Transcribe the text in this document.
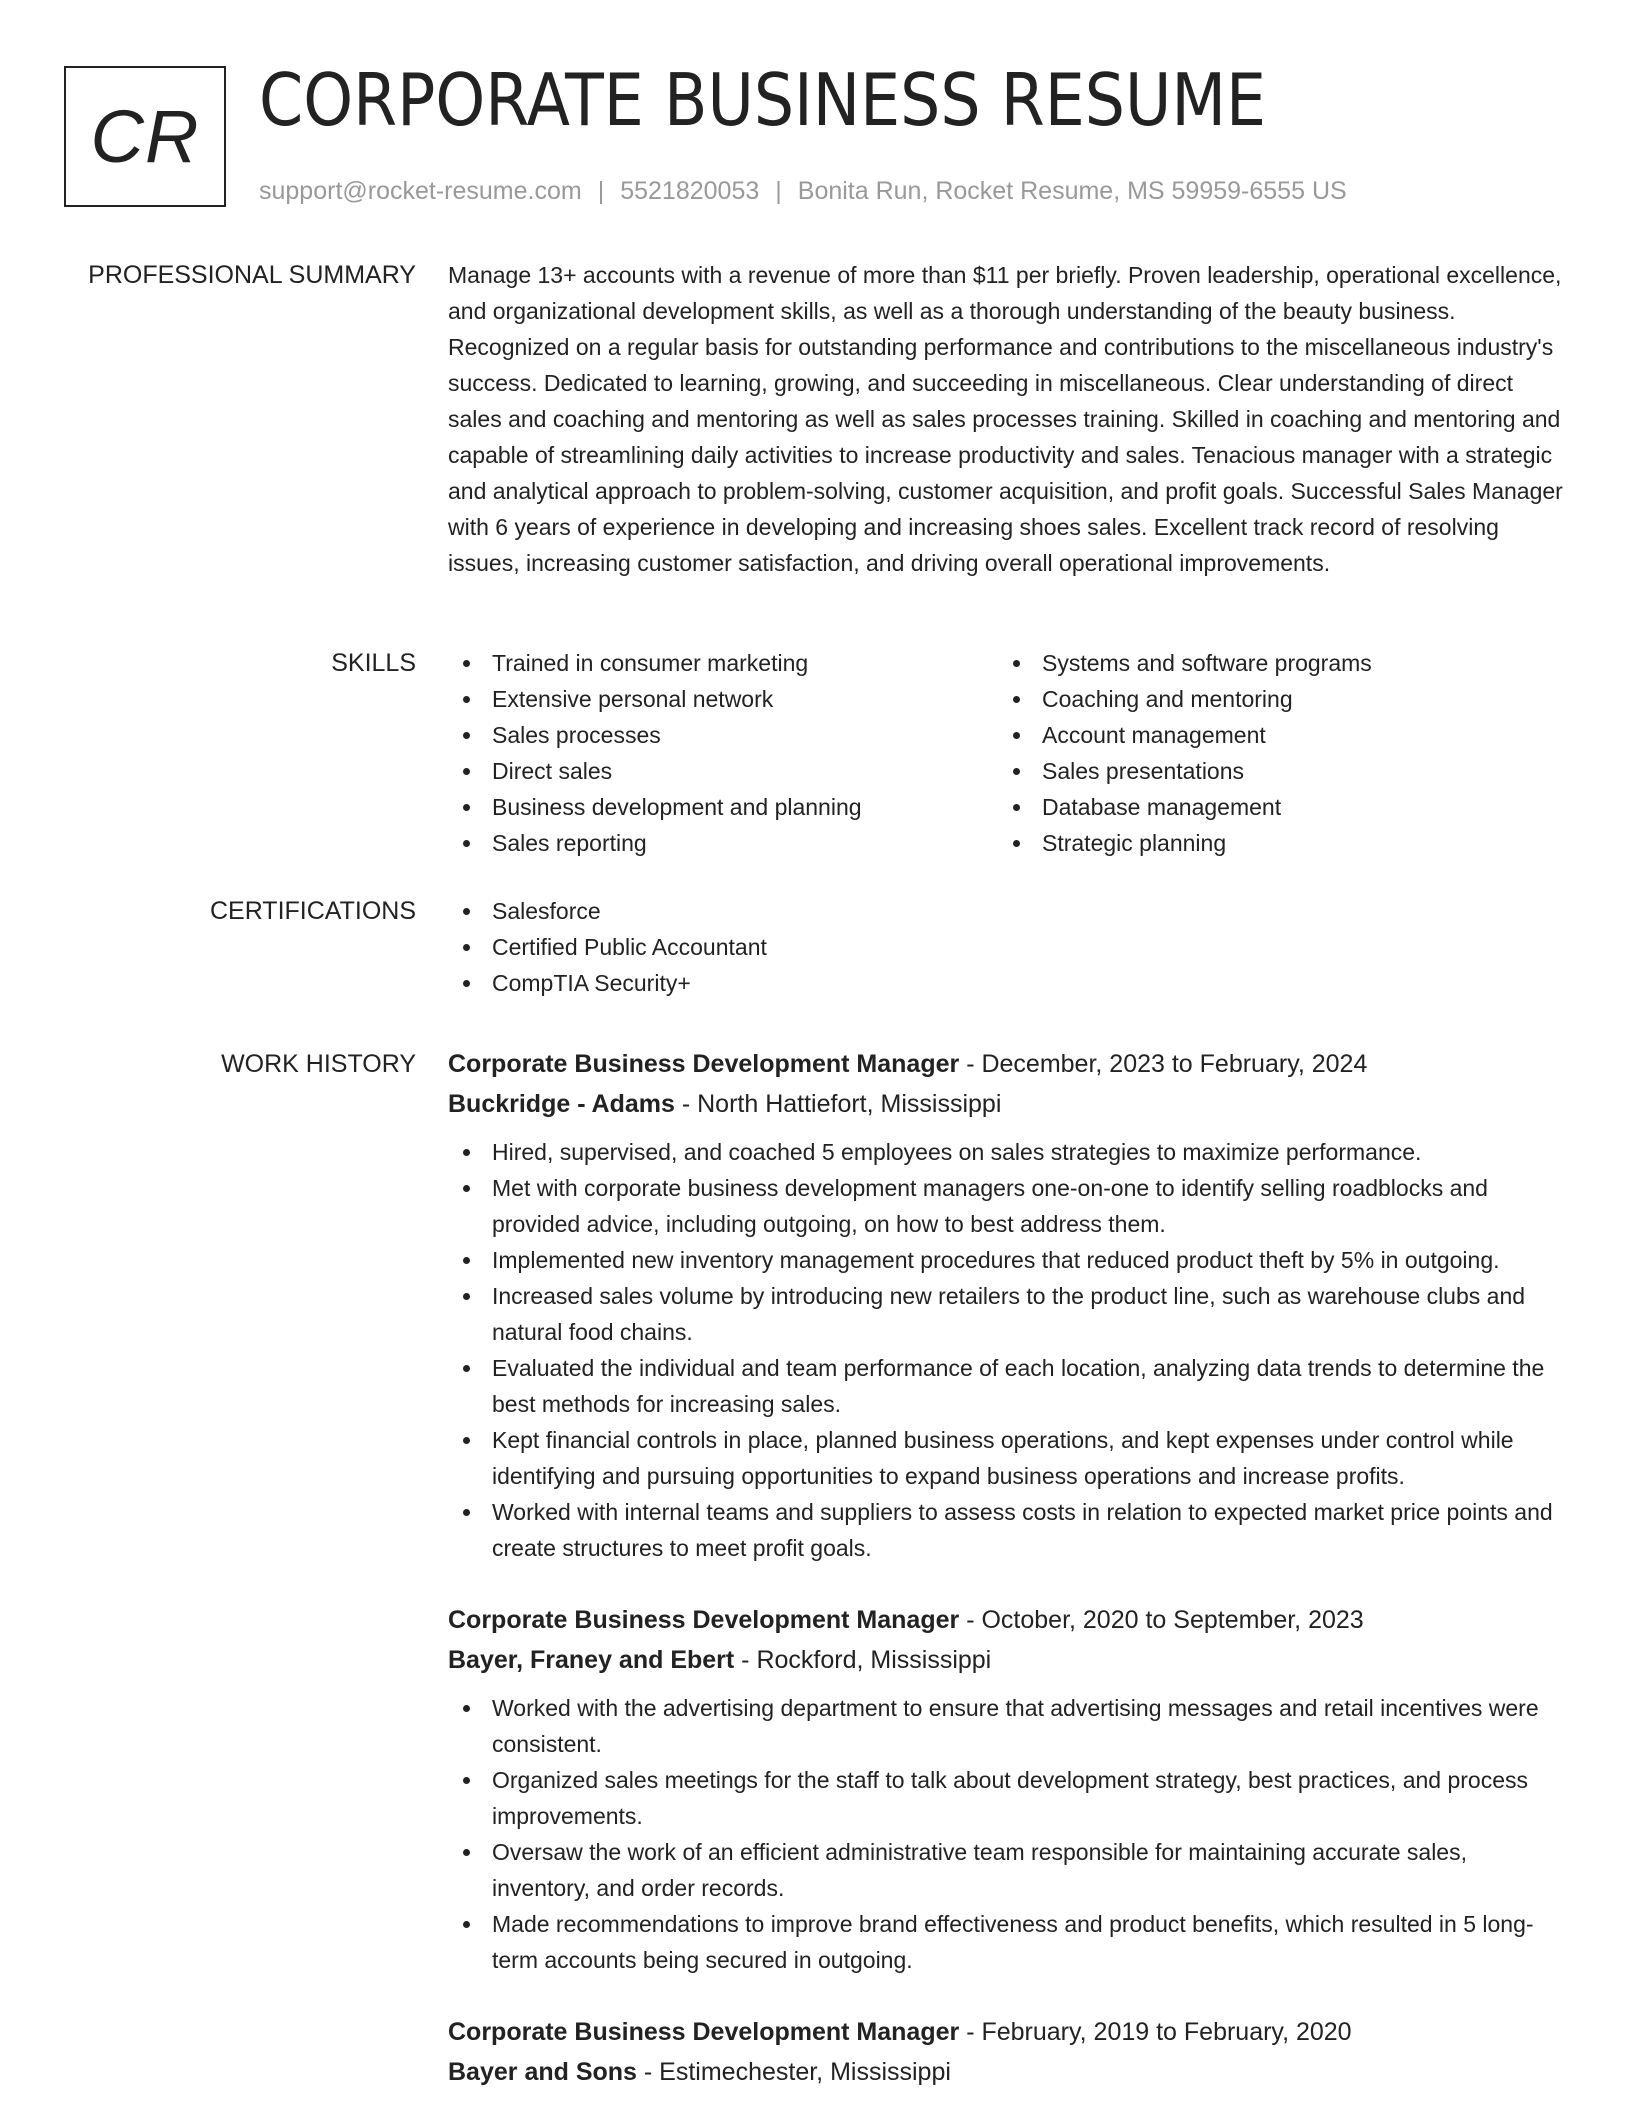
CR CORPORATE BUSINESS RESUME
support@rocket-resume.com | 5521820053 | Bonita Run, Rocket Resume, MS 59959-6555 US
PROFESSIONAL SUMMARY Manage 13+ accounts with a revenue of more than $11 per briefly. Proven leadership, operational excellence, and organizational development skills, as well as a thorough understanding of the beauty business. Recognized on a regular basis for outstanding performance and contributions to the miscellaneous industry's success. Dedicated to learning, growing, and succeeding in miscellaneous. Clear understanding of direct sales and coaching and mentoring as well as sales processes training. Skilled in coaching and mentoring and capable of streamlining daily activities to increase productivity and sales. Tenacious manager with a strategic and analytical approach to problem-solving, customer acquisition, and profit goals. Successful Sales Manager with 6 years of experience in developing and increasing shoes sales. Excellent track record of resolving issues, increasing customer satisfaction, and driving overall operational improvements.

SKILLS	Trained in consumer marketing
Extensive personal network
Sales processes
Direct sales
Business development and planning
Sales reporting
Systems and software programs
Coaching and mentoring
Account management
Sales presentations
Database management
Strategic planning
CERTIFICATIONS	Salesforce
Certified Public Accountant
CompTIA Security+
WORK HISTORY Corporate Business Development Manager - December, 2023 to February, 2024
Buckridge - Adams - North Hattiefort, Mississippi
Hired, supervised, and coached 5 employees on sales strategies to maximize performance.
Met with corporate business development managers one-on-one to identify selling roadblocks and provided advice, including outgoing, on how to best address them.
Implemented new inventory management procedures that reduced product theft by 5% in outgoing.
Increased sales volume by introducing new retailers to the product line, such as warehouse clubs and natural food chains.
Evaluated the individual and team performance of each location, analyzing data trends to determine the best methods for increasing sales.
Kept financial controls in place, planned business operations, and kept expenses under control while identifying and pursuing opportunities to expand business operations and increase profits.
Worked with internal teams and suppliers to assess costs in relation to expected market price points and create structures to meet profit goals.
Corporate Business Development Manager - October, 2020 to September, 2023
Bayer, Franey and Ebert - Rockford, Mississippi
Worked with the advertising department to ensure that advertising messages and retail incentives were consistent.
Organized sales meetings for the staff to talk about development strategy, best practices, and process improvements.
Oversaw the work of an efficient administrative team responsible for maintaining accurate sales, inventory, and order records.
Made recommendations to improve brand effectiveness and product benefits, which resulted in 5 long-term accounts being secured in outgoing.
Corporate Business Development Manager - February, 2019 to February, 2020
Bayer and Sons - Estimechester, Mississippi
